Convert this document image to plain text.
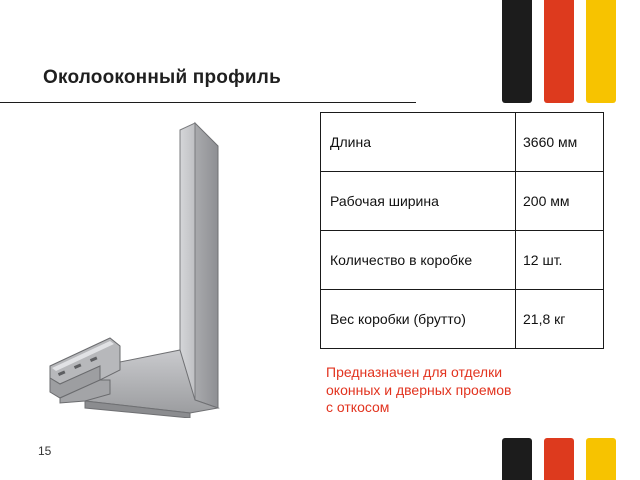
Околооконный профиль
Длина	3660 мм
Рабочая ширина	200 мм
Количество в коробке	12 шт.
Вес коробки (брутто)	21,8 кг
Предназначен для отделки
оконных и дверных проемов
с откосом
15
